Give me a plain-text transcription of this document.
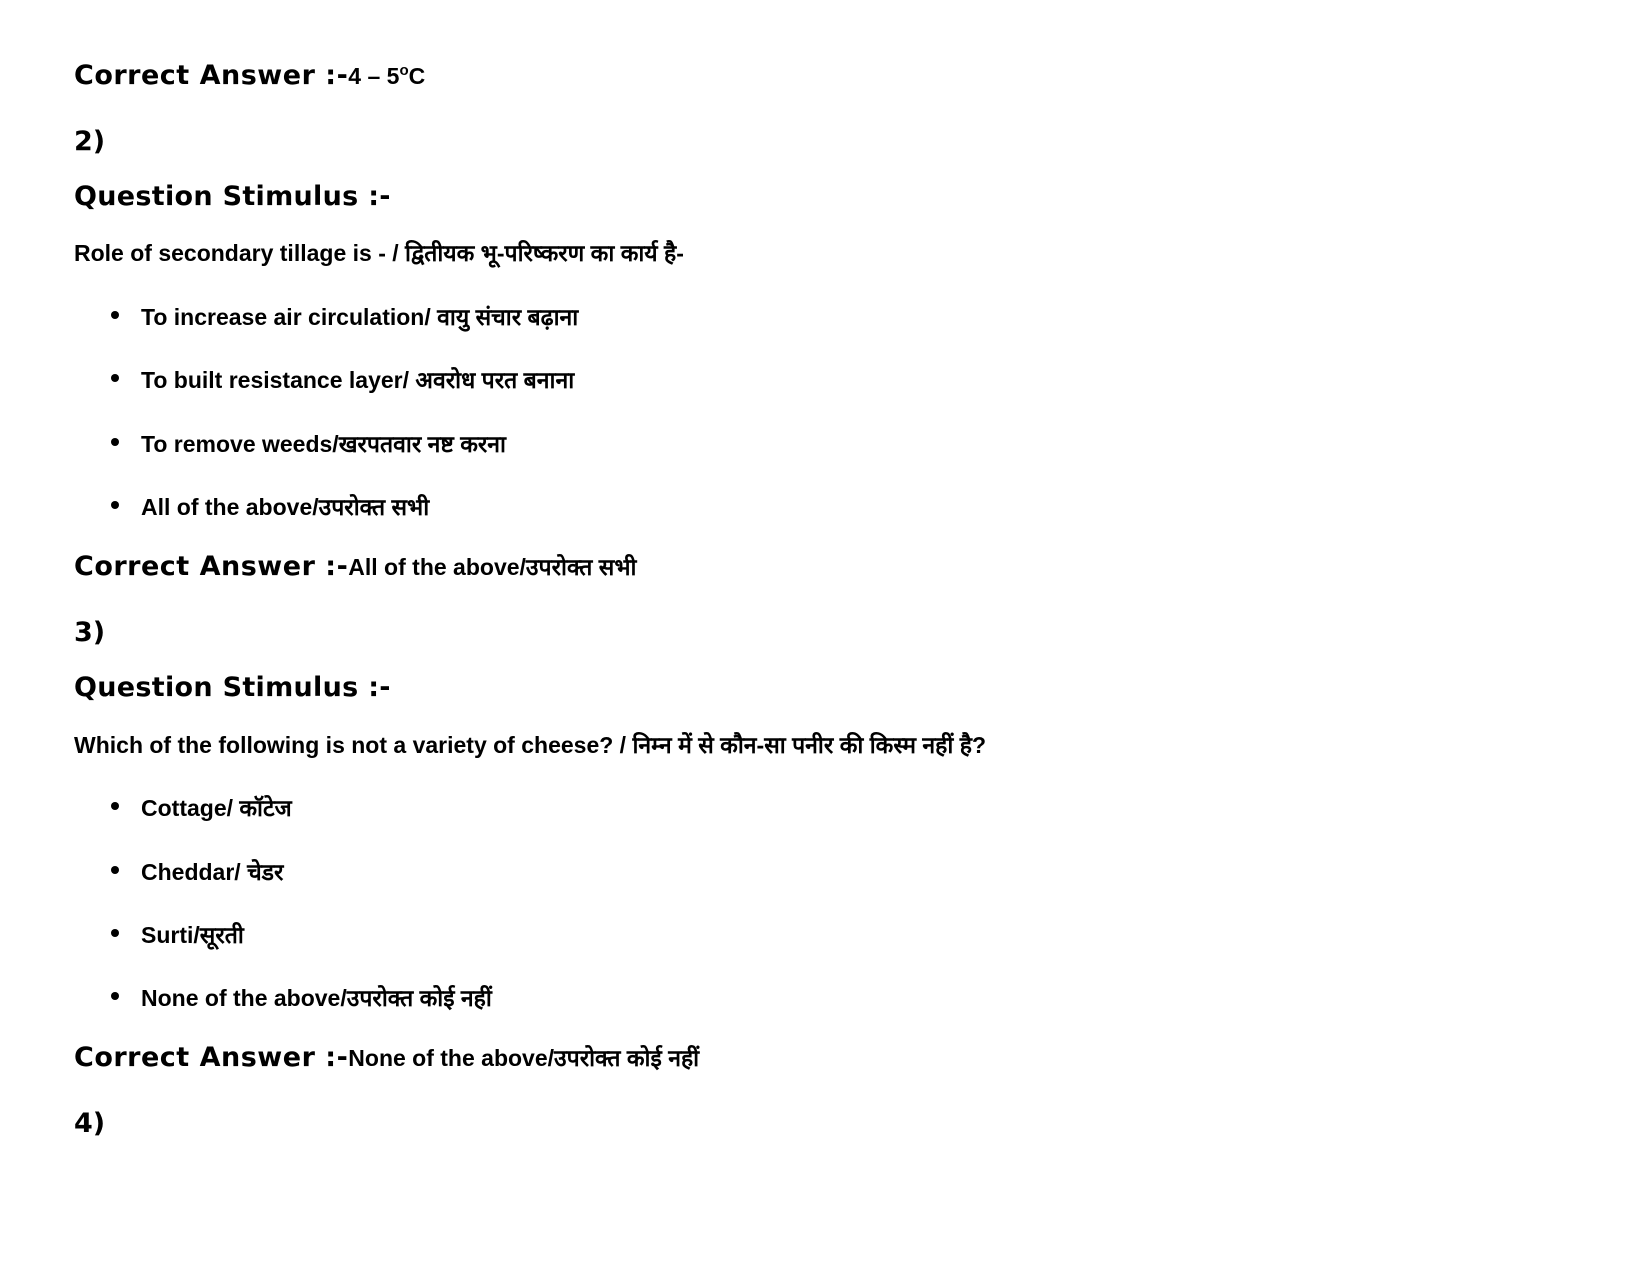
Correct Answer :-4 – 5$^o$C
2)
Question Stimulus :-
Role of secondary tillage is - / द्वितीयक भू-परिष्करण का कार्य है-
To increase air circulation/ वायु संचार बढ़ाना
To built resistance layer/ अवरोध परत बनाना
To remove weeds/खरपतवार नष्ट करना
All of the above/उपरोक्त सभी
Correct Answer :-All of the above/उपरोक्त सभी
3)
Question Stimulus :-
Which of the following is not a variety of cheese? / निम्न में से कौन-सा पनीर की किस्म नहीं है?
Cottage/ कॉटेज
Cheddar/ चेडर
Surti/सूरती
None of the above/उपरोक्त कोई नहीं
Correct Answer :-None of the above/उपरोक्त कोई नहीं
4)
